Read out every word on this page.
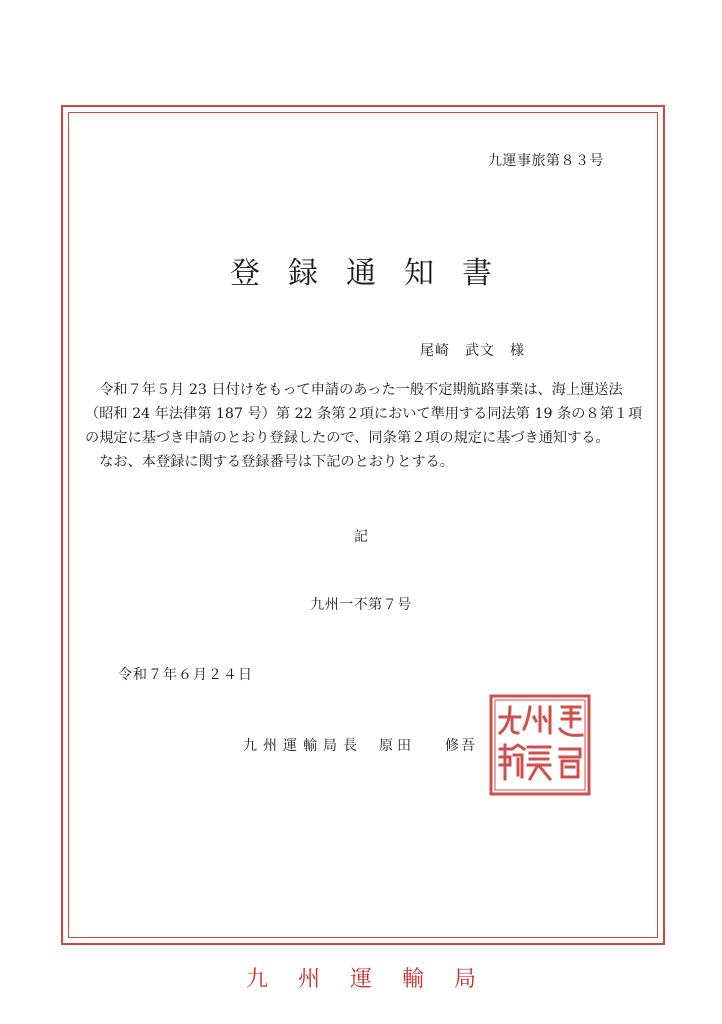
九運事旅第８３号
登録通知書
尾崎　武文　様

令和７年５月 23 日付けをもって申請のあった一般不定期航路事業は、海上運送法（昭和 24 年法律第 187 号）第 22 条第２項において準用する同法第 19 条の８第１項の規定に基づき申請のとおり登録したので、同条第２項の規定に基づき通知する。

なお、本登録に関する登録番号は下記のとおりとする。

記
九州一不第７号
令和７年６月２４日
九州運輸局長 原田 修吾
九州運輸局
